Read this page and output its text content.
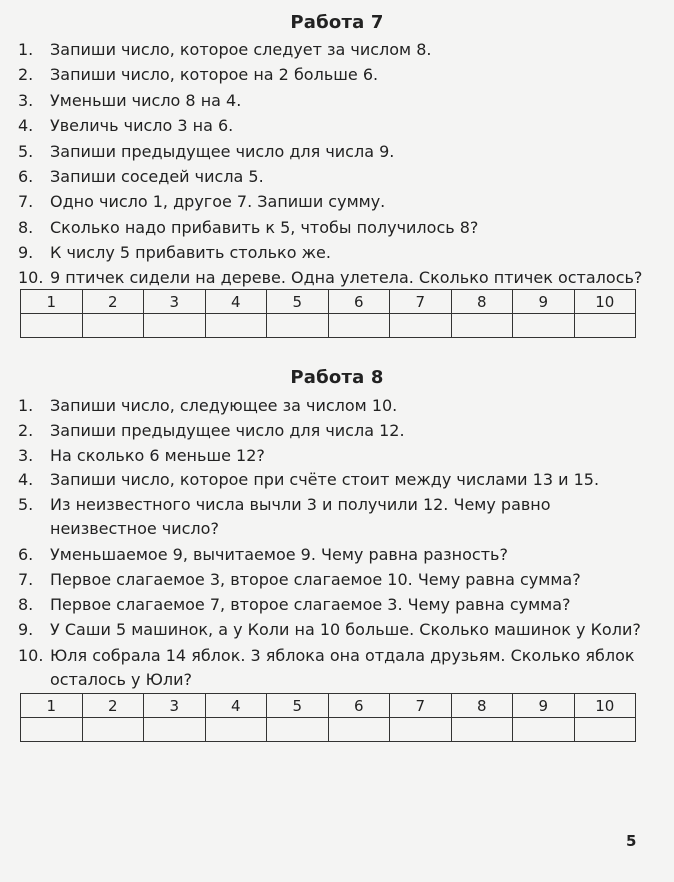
Работа 7
1. Запиши число, которое следует за числом 8.
2. Запиши число, которое на 2 больше 6.
3. Уменьши число 8 на 4.
4. Увеличь число 3 на 6.
5. Запиши предыдущее число для числа 9.
6. Запиши соседей числа 5.
7. Одно число 1, другое 7. Запиши сумму.
8. Сколько надо прибавить к 5, чтобы получилось 8?
9. К числу 5 прибавить столько же.
10. 9 птичек сидели на дереве. Одна улетела. Сколько птичек осталось?
1	2	3	4	5	6	7	8	9	10

Работа 8
1. Запиши число, следующее за числом 10.
2. Запиши предыдущее число для числа 12.
3. На сколько 6 меньше 12?
4. Запиши число, которое при счёте стоит между числами 13 и 15.
5. Из неизвестного числа вычли 3 и получили 12. Чему равно неизвестное число?
6. Уменьшаемое 9, вычитаемое 9. Чему равна разность?
7. Первое слагаемое 3, второе слагаемое 10. Чему равна сумма?
8. Первое слагаемое 7, второе слагаемое 3. Чему равна сумма?
9. У Саши 5 машинок, а у Коли на 10 больше. Сколько машинок у Коли?
10. Юля собрала 14 яблок. 3 яблока она отдала друзьям. Сколько яблок осталось у Юли?
1	2	3	4	5	6	7	8	9	10

5
